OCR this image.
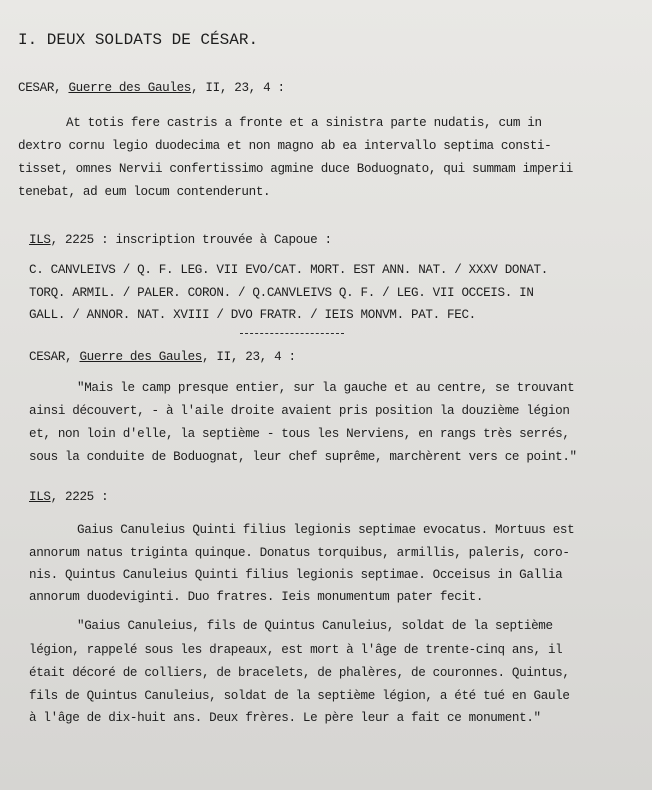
I. DEUX SOLDATS DE CÉSAR.
CESAR, Guerre des Gaules, II, 23, 4 :
At totis fere castris a fronte et a sinistra parte nudatis, cum in
dextro cornu legio duodecima et non magno ab ea intervallo septima consti-
tisset, omnes Nervii confertissimo agmine duce Boduognato, qui summam imperii
tenebat, ad eum locum contenderunt.
ILS, 2225 : inscription trouvée à Capoue :
C. CANVLEIVS / Q. F. LEG. VII EVO/CAT. MORT. EST ANN. NAT. / XXXV DONAT.
TORQ. ARMIL. / PALER. CORON. / Q.CANVLEIVS Q. F. / LEG. VII OCCEIS. IN
GALL. / ANNOR. NAT. XVIII / DVO FRATR. / IEIS MONVM. PAT. FEC.
CESAR, Guerre des Gaules, II, 23, 4 :
"Mais le camp presque entier, sur la gauche et au centre, se trouvant
ainsi découvert, - à l'aile droite avaient pris position la douzième légion
et, non loin d'elle, la septième - tous les Nerviens, en rangs très serrés,
sous la conduite de Boduognat, leur chef suprême, marchèrent vers ce point."
ILS, 2225 :
Gaius Canuleius Quinti filius legionis septimae evocatus. Mortuus est
annorum natus triginta quinque. Donatus torquibus, armillis, paleris, coro-
nis. Quintus Canuleius Quinti filius legionis septimae. Occeisus in Gallia
annorum duodeviginti. Duo fratres. Ieis monumentum pater fecit.
"Gaius Canuleius, fils de Quintus Canuleius, soldat de la septième
légion, rappelé sous les drapeaux, est mort à l'âge de trente-cinq ans, il
était décoré de colliers, de bracelets, de phalères, de couronnes. Quintus,
fils de Quintus Canuleius, soldat de la septième légion, a été tué en Gaule
à l'âge de dix-huit ans. Deux frères. Le père leur a fait ce monument."
